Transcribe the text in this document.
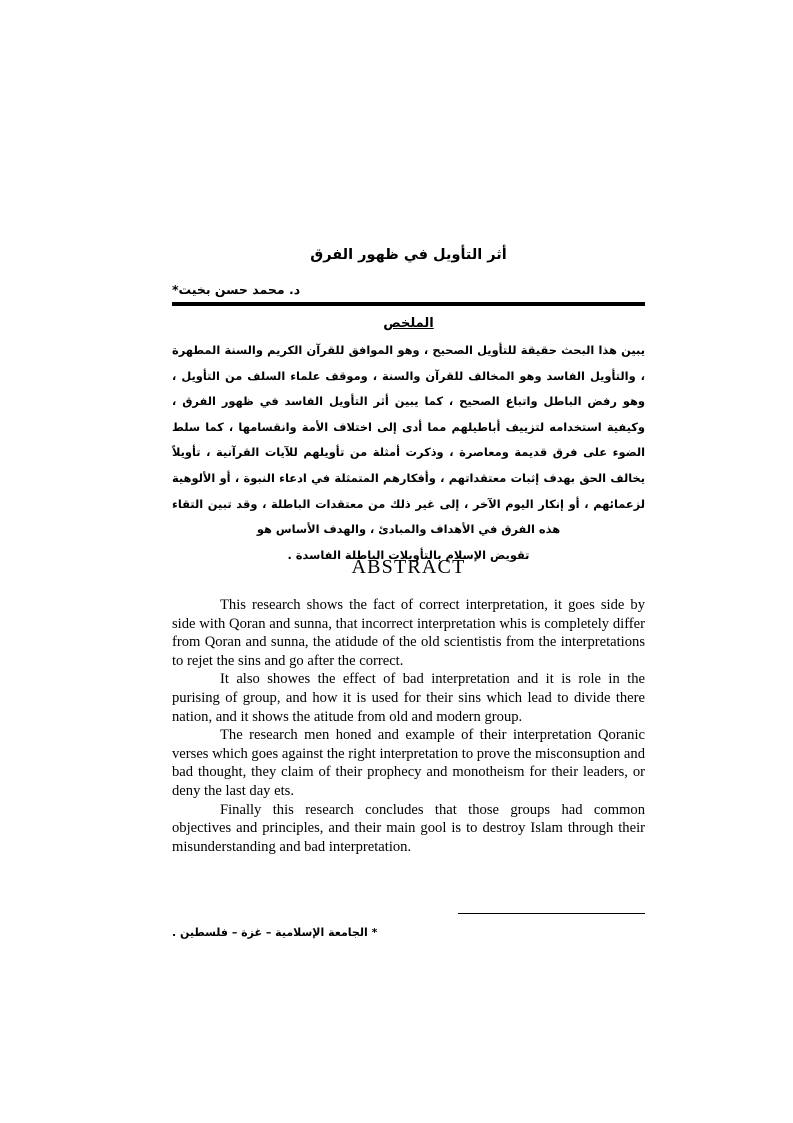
أثر التأويل في ظهور الفرق
د. محمد حسن بخيت*
الملخص

يبين هذا البحث حقيقة للتأويل الصحيح ، وهو الموافق للقرآن الكريم والسنة المطهرة ، والتأويل الفاسد وهو المخالف للقرآن والسنة ، وموقف علماء السلف من التأويل ، وهو رفض الباطل واتباع الصحيح ، كما يبين أثر التأويل الفاسد في ظهور الفرق ، وكيفية استخدامه لتزييف أباطيلهم مما أدى إلى اختلاف الأمة وانقسامها ، كما سلط الضوء على فرق قديمة ومعاصرة ، وذكرت أمثلة من تأويلهم للآيات القرآنية ، تأويلاً يخالف الحق بهدف إثبات معتقداتهم ، وأفكارهم المتمثلة في ادعاء النبوة ، أو الألوهية لزعمائهم ، أو إنكار اليوم الآخر ، إلى غير ذلك من معتقدات الباطلة ، وقد تبين التقاء هذه الفرق في الأهداف والمبادئ ، والهدف الأساس هو

تقويض الإسلام بالتأويلات الباطلة الفاسدة .

ABSTRACT

This research shows the fact of correct interpretation, it goes side by side with Qoran and sunna, that incorrect interpretation whis is completely differ from Qoran and sunna, the atidude of the old scientistis from the interpretations to rejet the sins and go after the correct.

It also showes the effect of bad interpretation and it is role in the purising of group, and how it is used for their sins which lead to divide there nation, and it shows the atitude from old and modern group.

The research men honed and example of their interpretation Qoranic verses which goes against the right interpretation to prove the misconsuption and bad thought, they claim of their prophecy and monotheism for their leaders, or deny the last day ets.

Finally this research concludes that those groups had common objectives and principles, and their main gool is to destroy Islam through their misunderstanding and bad interpretation.

* الجامعة الإسلامية – غزة – فلسطين .
